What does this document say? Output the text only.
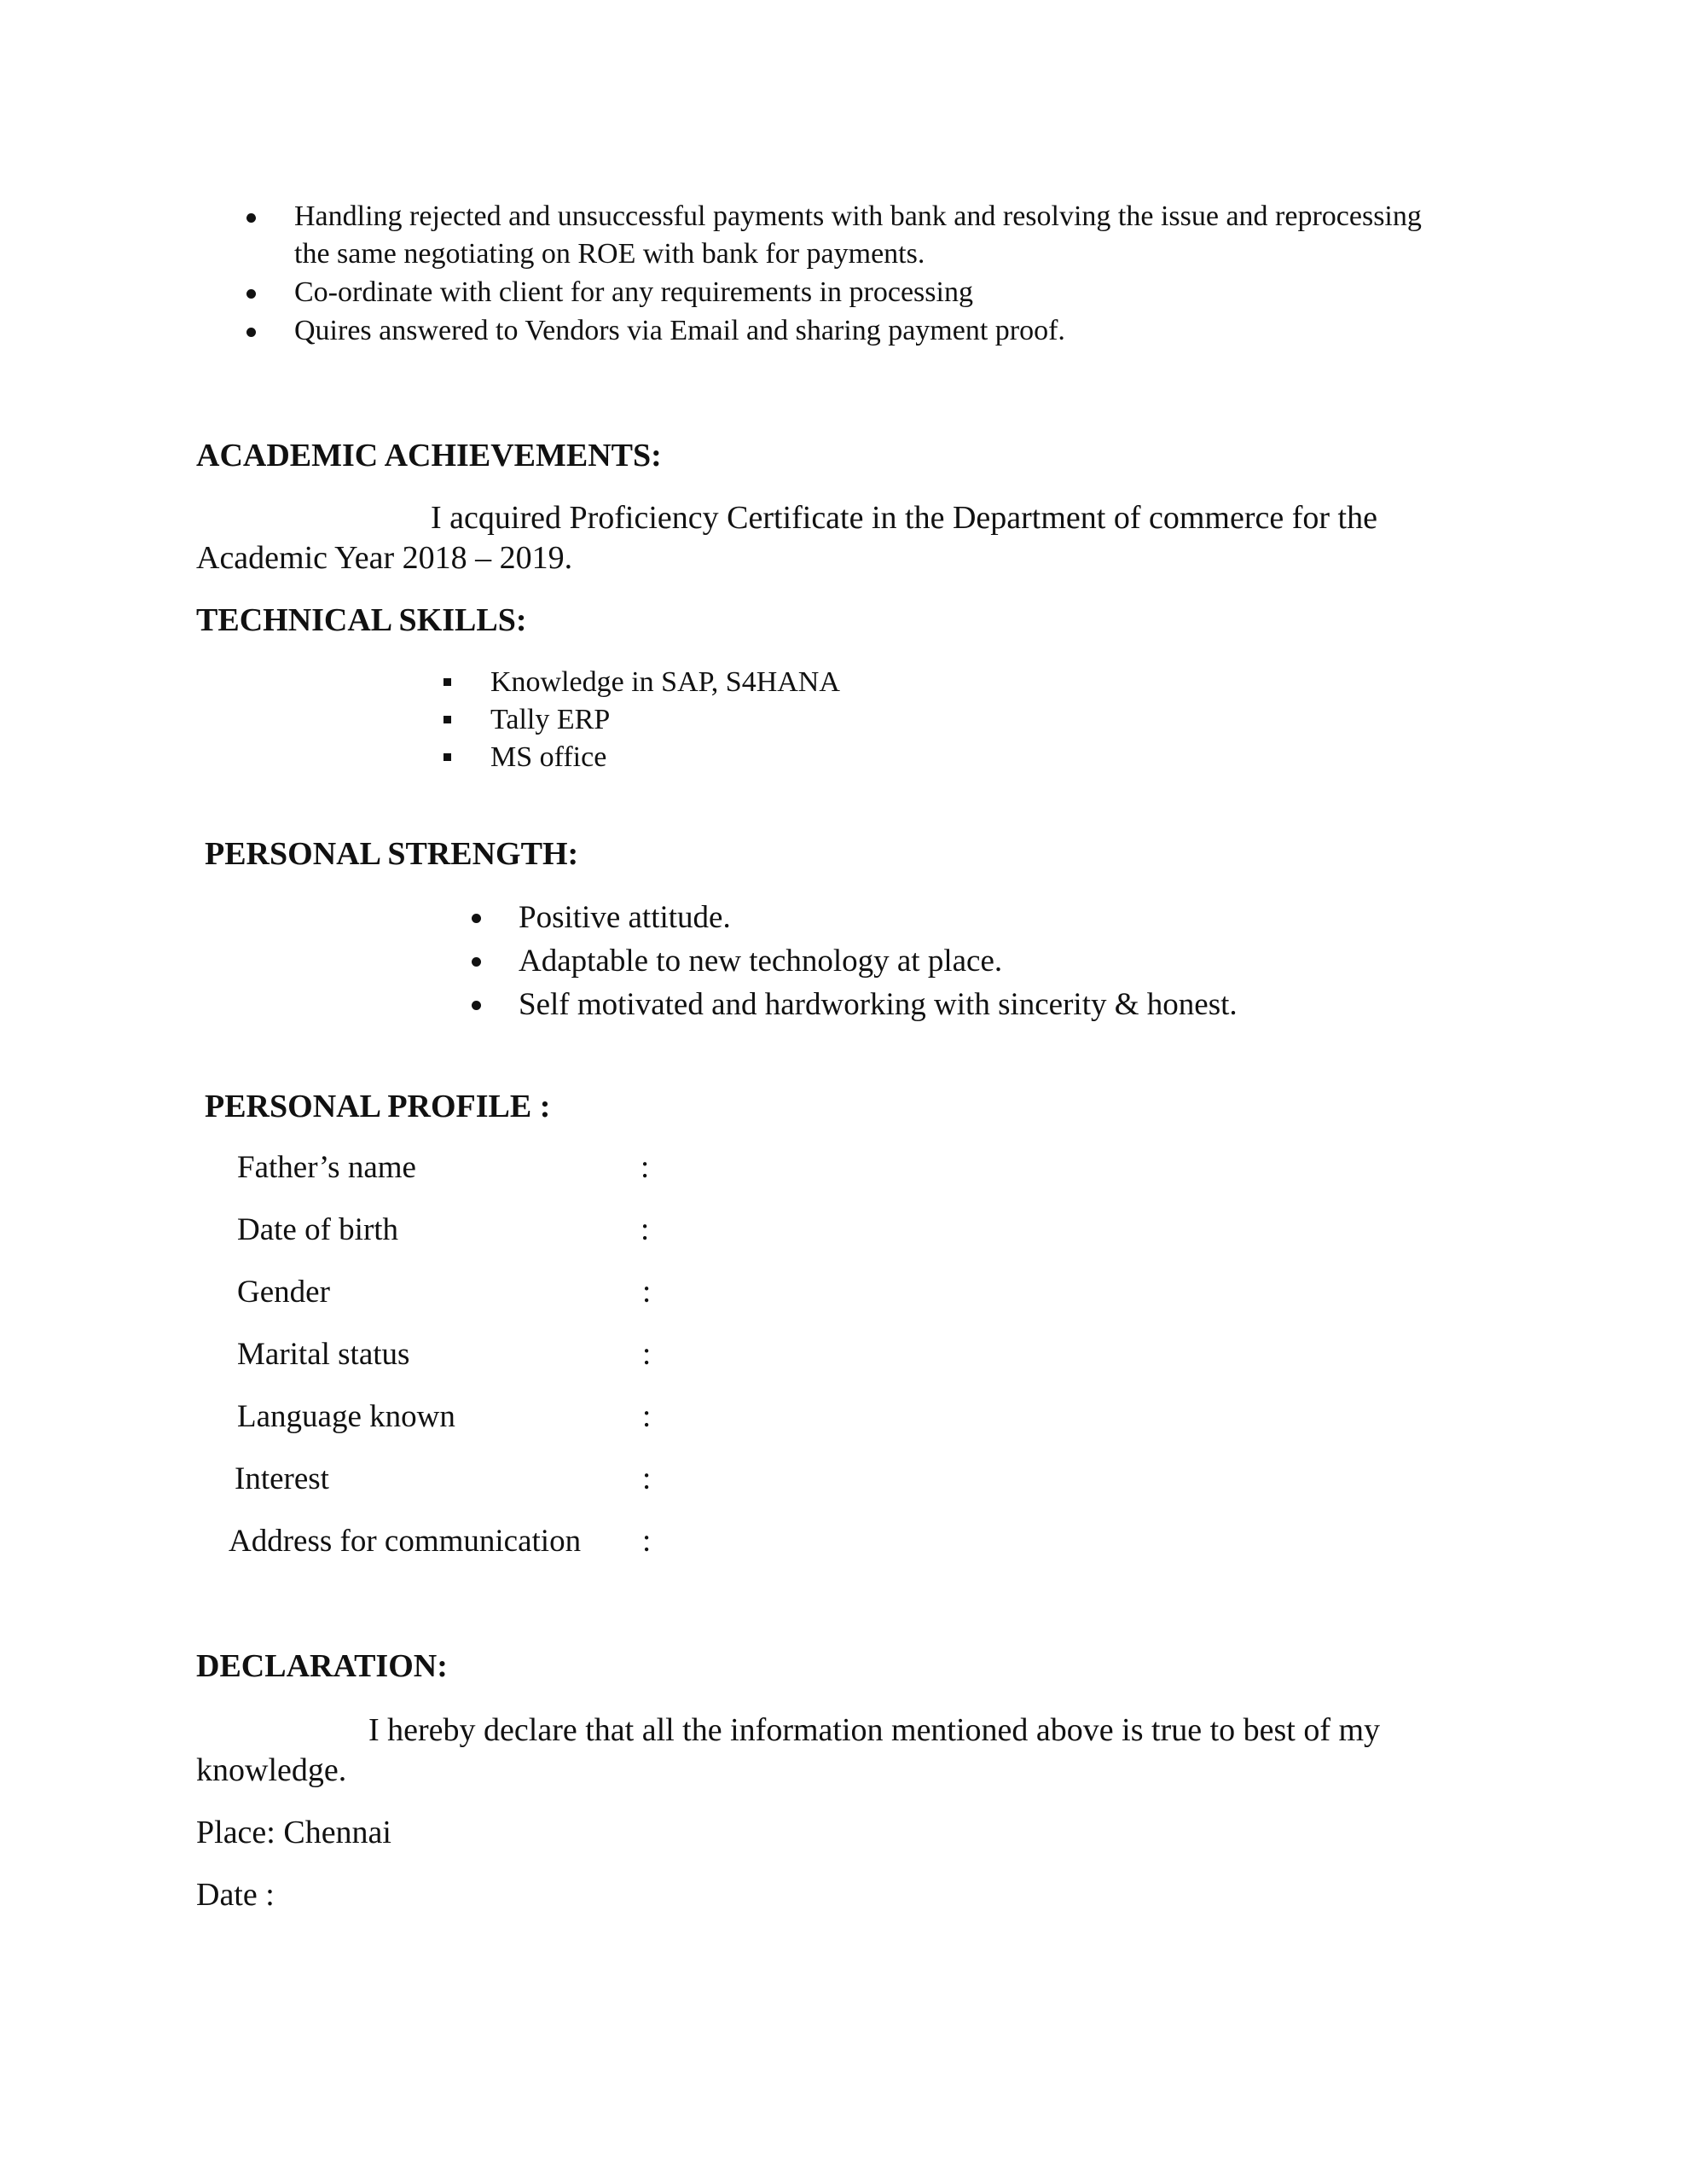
Handling rejected and unsuccessful payments with bank and resolving the issue and reprocessing
the same negotiating on ROE with bank for payments.
Co-ordinate with client for any requirements in processing
Quires answered to Vendors via Email and sharing payment proof.
ACADEMIC ACHIEVEMENTS:
I acquired Proficiency Certificate in the Department of commerce for the
Academic Year 2018 – 2019.
TECHNICAL SKILLS:
Knowledge in SAP, S4HANA
Tally ERP
MS office
PERSONAL STRENGTH:
Positive attitude.
Adaptable to new technology at place.
Self motivated and hardworking with sincerity & honest.
PERSONAL PROFILE :
Father’s name	:
Date of birth	:
Gender	:
Marital status	:
Language known	:
Interest	:
Address for communication :
DECLARATION:
I hereby declare that all the information mentioned above is true to best of my
knowledge.
Place: Chennai
Date :
